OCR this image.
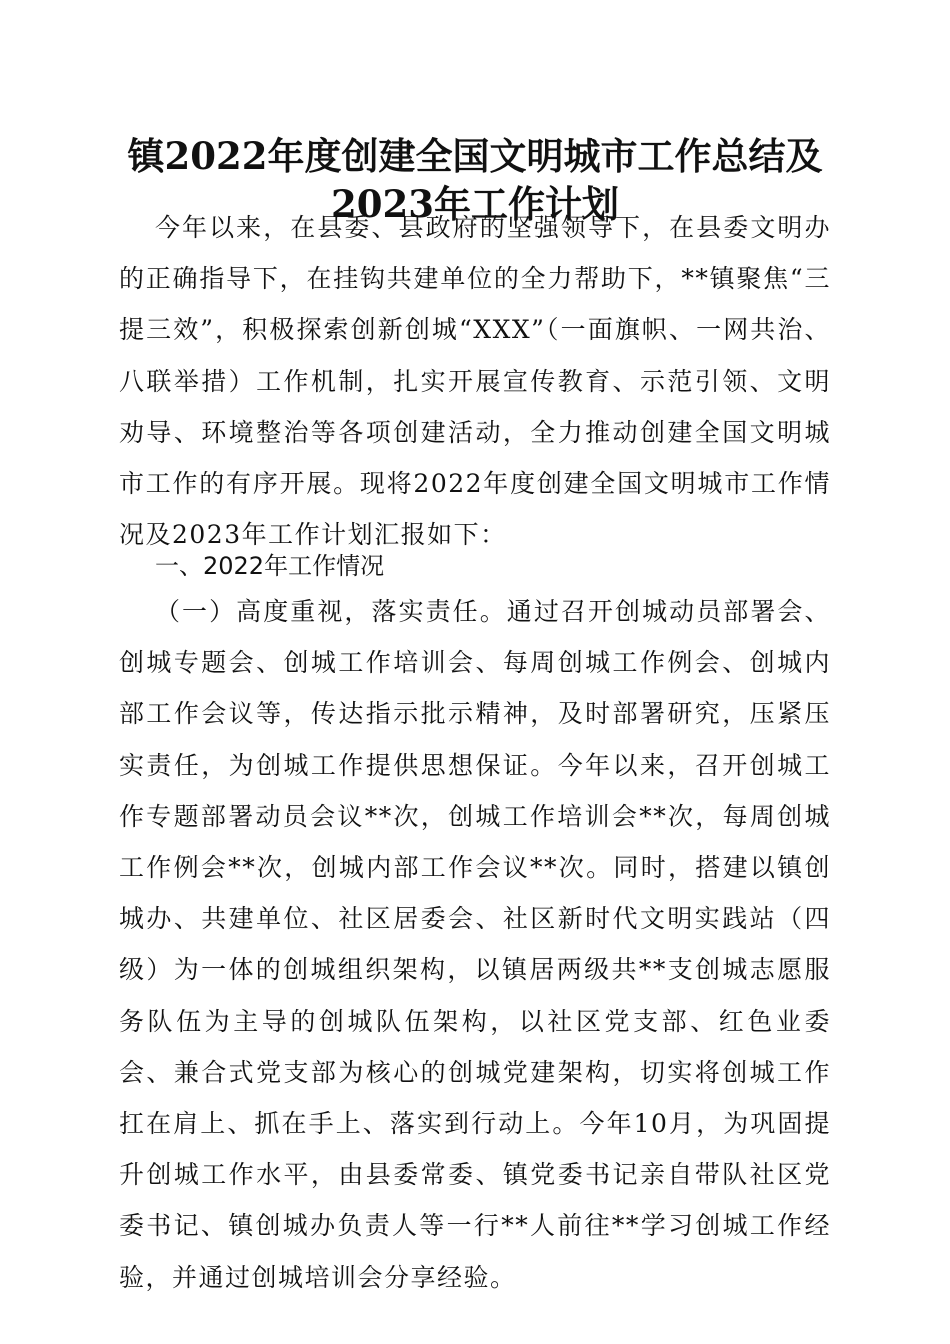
镇2022年度创建全国文明城市工作总结及
2023年工作计划
今年以来，在县委、县政府的坚强领导下，在县委文明办的正确指导下，在挂钩共建单位的全力帮助下，**镇聚焦“三提三效”，积极探索创新创城“XXX”（一面旗帜、一网共治、八联举措）工作机制，扎实开展宣传教育、示范引领、文明劝导、环境整治等各项创建活动，全力推动创建全国文明城市工作的有序开展。现将2022年度创建全国文明城市工作情况及2023年工作计划汇报如下：
一、2022年工作情况
（一）高度重视，落实责任。通过召开创城动员部署会、创城专题会、创城工作培训会、每周创城工作例会、创城内部工作会议等，传达指示批示精神，及时部署研究，压紧压实责任，为创城工作提供思想保证。今年以来，召开创城工作专题部署动员会议**次，创城工作培训会**次，每周创城工作例会**次，创城内部工作会议**次。同时，搭建以镇创城办、共建单位、社区居委会、社区新时代文明实践站（四级）为一体的创城组织架构，以镇居两级共**支创城志愿服务队伍为主导的创城队伍架构，以社区党支部、红色业委会、兼合式党支部为核心的创城党建架构，切实将创城工作扛在肩上、抓在手上、落实到行动上。今年10月，为巩固提升创城工作水平，由县委常委、镇党委书记亲自带队社区党委书记、镇创城办负责人等一行**人前往**学习创城工作经验，并通过创城培训会分享经验。
